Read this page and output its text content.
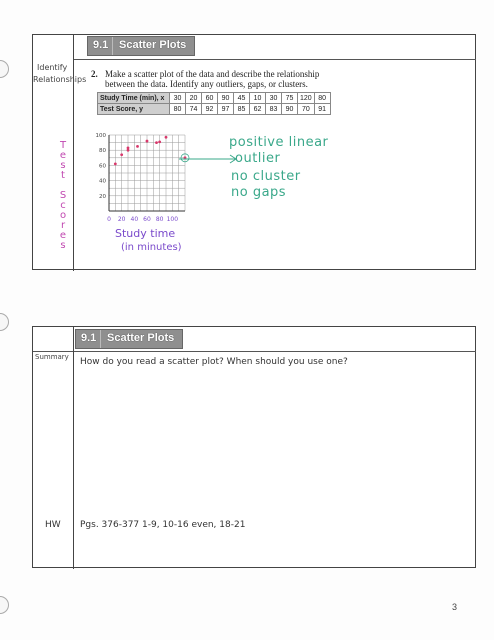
9.1 Scatter Plots
Identify
Relationships
2. Make a scatter plot of the data and describe the relationship
between the data. Identify any outliers, gaps, or clusters.
Study Time (min), x	30	20	60	90	45	10	30	75	120	80
Test Score, y	80	74	92	97	85	62	83	90	70	91
0 20 40 60 80 100
20
40
60
80
100
T
e
s
t

S
c
o
r
e
s
Study time
(in minutes)
positive linear
outlier
no cluster
no gaps
9.1 Scatter Plots
Summary How do you read a scatter plot? When should you use one?
HW Pgs. 376-377 1-9, 10-16 even, 18-21
3
